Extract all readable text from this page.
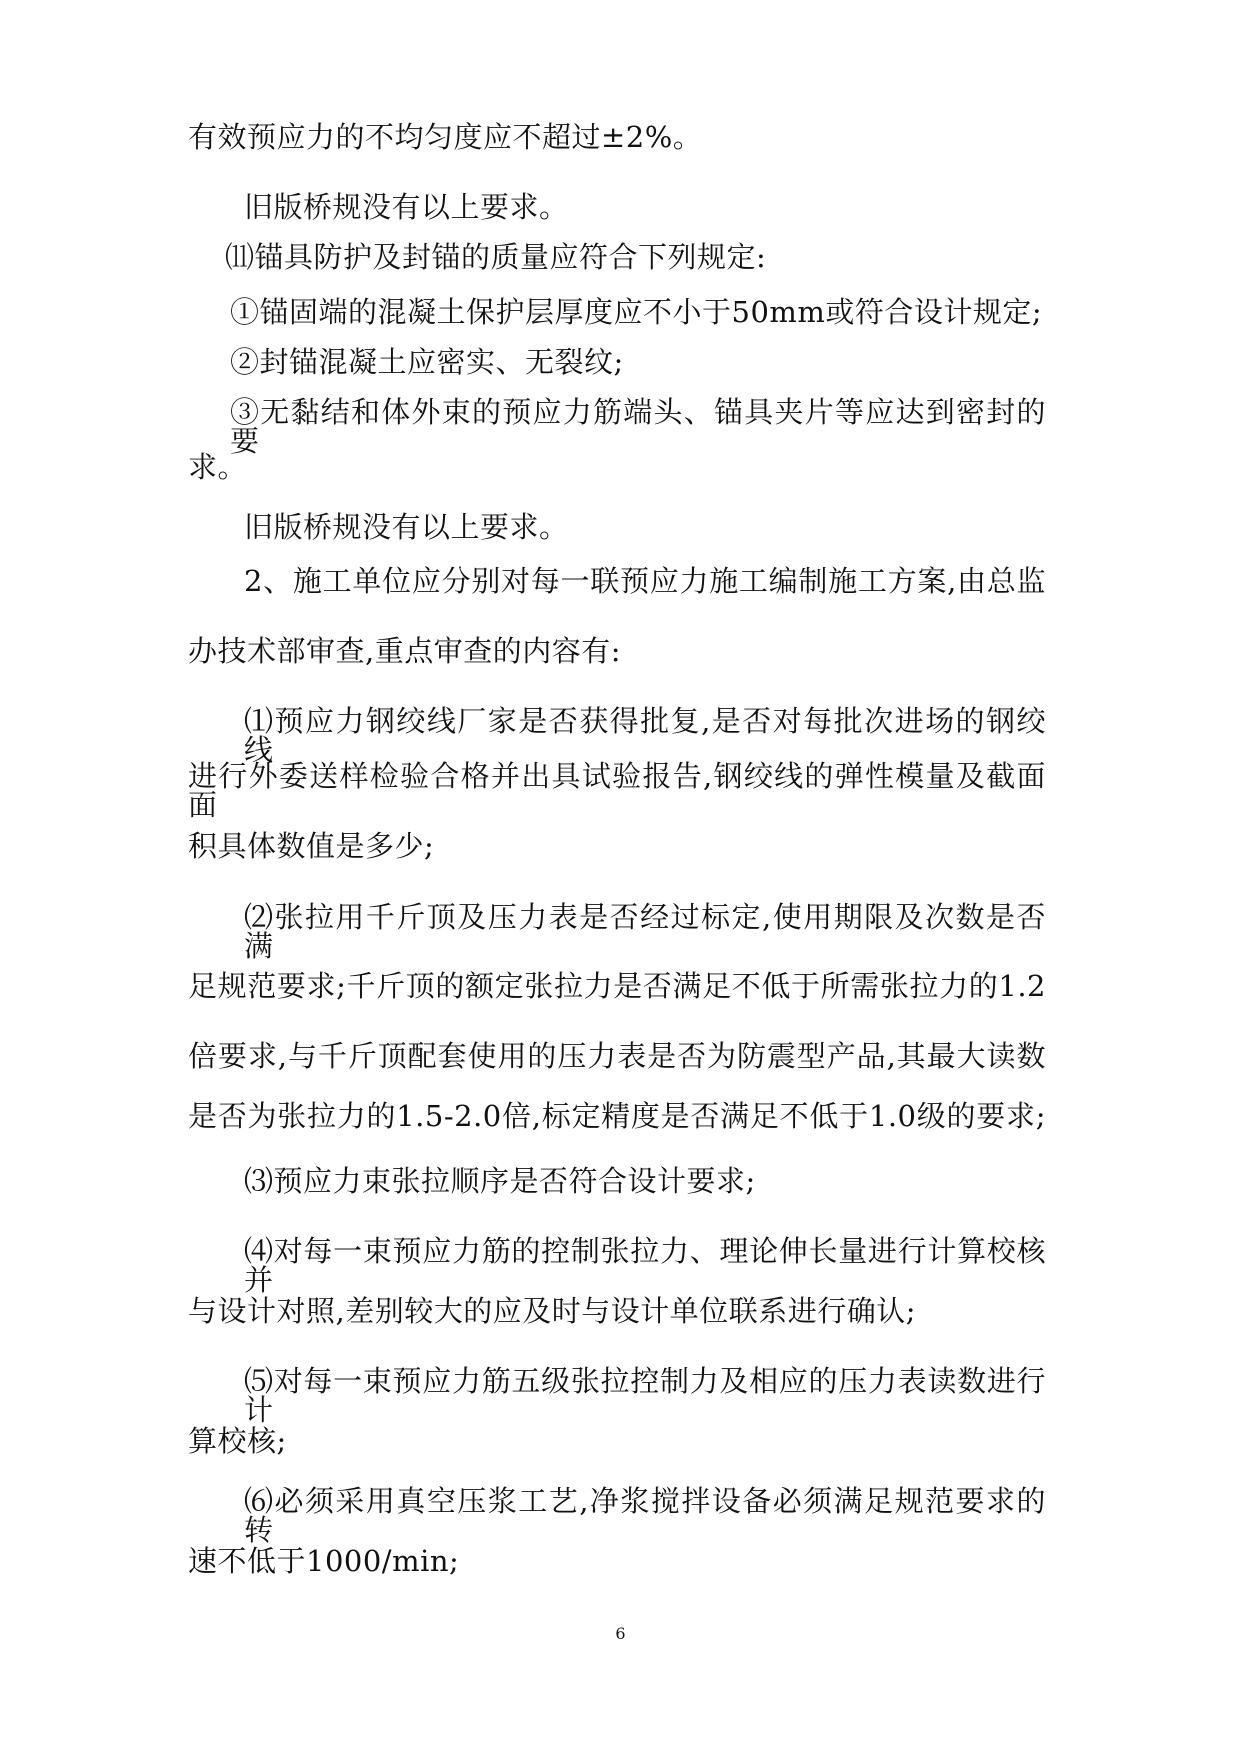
有效预应力的不均匀度应不超过±2%。
旧版桥规没有以上要求。
⑾锚具防护及封锚的质量应符合下列规定:
①锚固端的混凝土保护层厚度应不小于50mm或符合设计规定;
②封锚混凝土应密实、无裂纹;
③无黏结和体外束的预应力筋端头、锚具夹片等应达到密封的要
求。
旧版桥规没有以上要求。
2、施工单位应分别对每一联预应力施工编制施工方案,由总监
办技术部审查,重点审查的内容有:
⑴预应力钢绞线厂家是否获得批复,是否对每批次进场的钢绞线
进行外委送样检验合格并出具试验报告,钢绞线的弹性模量及截面面
积具体数值是多少;
⑵张拉用千斤顶及压力表是否经过标定,使用期限及次数是否满
足规范要求;千斤顶的额定张拉力是否满足不低于所需张拉力的1.2
倍要求,与千斤顶配套使用的压力表是否为防震型产品,其最大读数
是否为张拉力的1.5-2.0倍,标定精度是否满足不低于1.0级的要求;
⑶预应力束张拉顺序是否符合设计要求;
⑷对每一束预应力筋的控制张拉力、理论伸长量进行计算校核并
与设计对照,差别较大的应及时与设计单位联系进行确认;
⑸对每一束预应力筋五级张拉控制力及相应的压力表读数进行计
算校核;
⑹必须采用真空压浆工艺,净浆搅拌设备必须满足规范要求的转
速不低于1000/min;
6
